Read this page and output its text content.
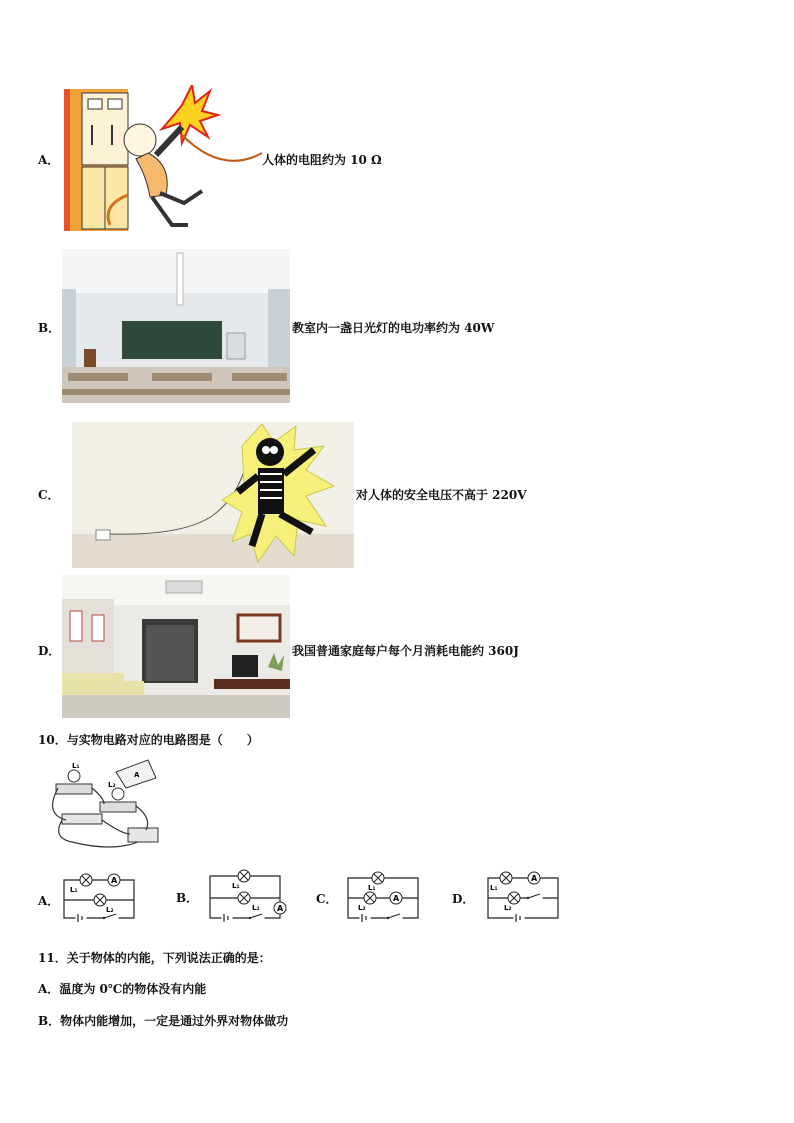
A．	人体的电阻约为 10 Ω
B．	教室内一盏日光灯的电功率约为 40W
C．	对人体的安全电压不高于 220V
D．	我国普通家庭每户每个月消耗电能约 360J
10．与实物电路对应的电路图是（　　）
L₁
L₂
A
A．
A
L₁
L₂
B．
A
L₁
L₂
C．	A
L₁
L₂
D．
A
L₁
L₂
11．关于物体的内能，下列说法正确的是：
A．温度为 0℃的物体没有内能
B．物体内能增加，一定是通过外界对物体做功
